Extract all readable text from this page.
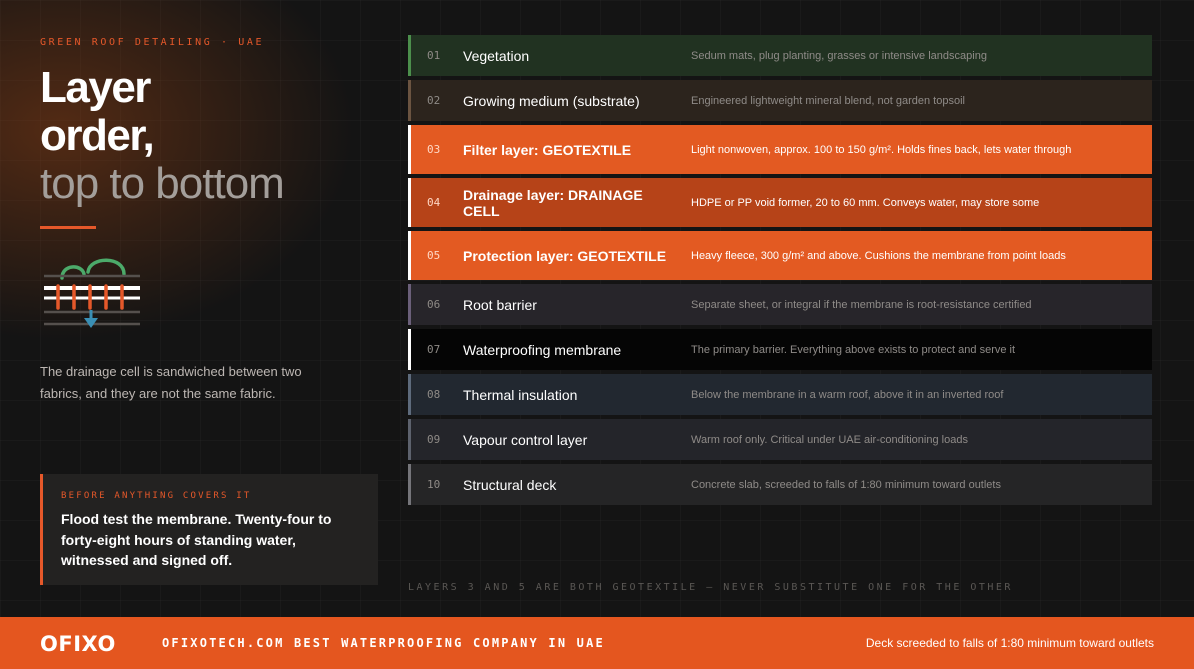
GREEN ROOF DETAILING · UAE
Layer
order,
top to bottom

The drainage cell is sandwiched between two fabrics, and they are not the same fabric.

BEFORE ANYTHING COVERS IT
Flood test the membrane. Twenty-four to forty-eight hours of standing water, witnessed and signed off.
01	Vegetation	Sedum mats, plug planting, grasses or intensive landscaping
02	Growing medium (substrate)	Engineered lightweight mineral blend, not garden topsoil
03	Filter layer: GEOTEXTILE	Light nonwoven, approx. 100 to 150 g/m². Holds fines back, lets water through
04	Drainage layer: DRAINAGE CELL	HDPE or PP void former, 20 to 60 mm. Conveys water, may store some
05	Protection layer: GEOTEXTILE	Heavy fleece, 300 g/m² and above. Cushions the membrane from point loads
06	Root barrier	Separate sheet, or integral if the membrane is root-resistance certified
07	Waterproofing membrane	The primary barrier. Everything above exists to protect and serve it
08	Thermal insulation	Below the membrane in a warm roof, above it in an inverted roof
09	Vapour control layer	Warm roof only. Critical under UAE air-conditioning loads
10	Structural deck	Concrete slab, screeded to falls of 1:80 minimum toward outlets
LAYERS 3 AND 5 ARE BOTH GEOTEXTILE — NEVER SUBSTITUTE ONE FOR THE OTHER
OFIXO	OFIXOTECH.COM BEST WATERPROOFING COMPANY IN UAE	Deck screeded to falls of 1:80 minimum toward outlets
